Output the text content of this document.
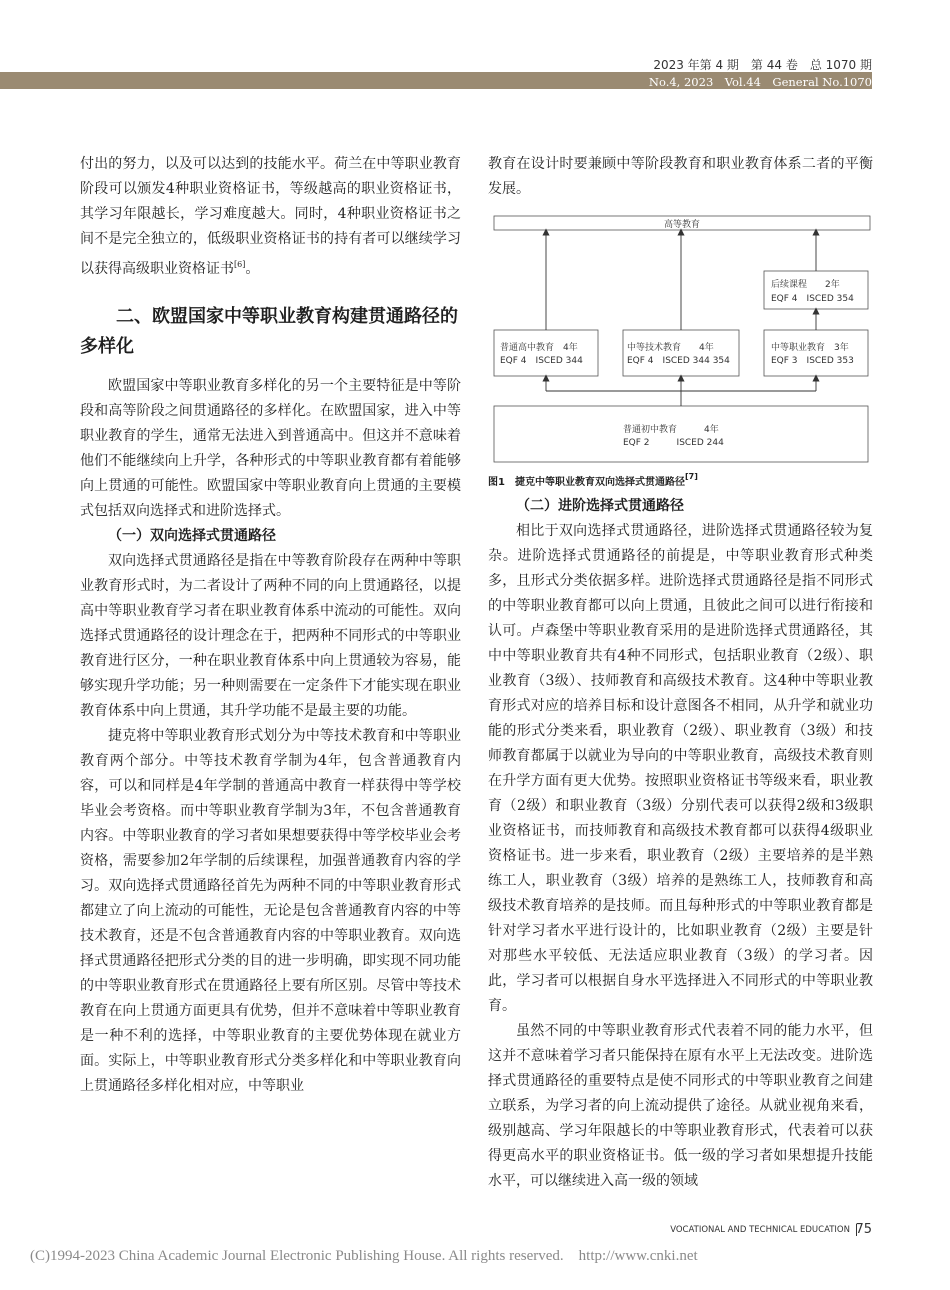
2023 年第 4 期　第 44 卷　总 1070 期
No.4, 2023　Vol.44　General No.1070

付出的努力，以及可以达到的技能水平。荷兰在中等职业教育阶段可以颁发4种职业资格证书，等级越高的职业资格证书，其学习年限越长，学习难度越大。同时，4种职业资格证书之间不是完全独立的，低级职业资格证书的持有者可以继续学习以获得高级职业资格证书[6]。

二、欧盟国家中等职业教育构建贯通路径的多样化

欧盟国家中等职业教育多样化的另一个主要特征是中等阶段和高等阶段之间贯通路径的多样化。在欧盟国家，进入中等职业教育的学生，通常无法进入到普通高中。但这并不意味着他们不能继续向上升学，各种形式的中等职业教育都有着能够向上贯通的可能性。欧盟国家中等职业教育向上贯通的主要模式包括双向选择式和进阶选择式。

（一）双向选择式贯通路径

双向选择式贯通路径是指在中等教育阶段存在两种中等职业教育形式时，为二者设计了两种不同的向上贯通路径，以提高中等职业教育学习者在职业教育体系中流动的可能性。双向选择式贯通路径的设计理念在于，把两种不同形式的中等职业教育进行区分，一种在职业教育体系中向上贯通较为容易，能够实现升学功能；另一种则需要在一定条件下才能实现在职业教育体系中向上贯通，其升学功能不是最主要的功能。

捷克将中等职业教育形式划分为中等技术教育和中等职业教育两个部分。中等技术教育学制为4年，包含普通教育内容，可以和同样是4年学制的普通高中教育一样获得中等学校毕业会考资格。而中等职业教育学制为3年，不包含普通教育内容。中等职业教育的学习者如果想要获得中等学校毕业会考资格，需要参加2年学制的后续课程，加强普通教育内容的学习。双向选择式贯通路径首先为两种不同的中等职业教育形式都建立了向上流动的可能性，无论是包含普通教育内容的中等技术教育，还是不包含普通教育内容的中等职业教育。双向选择式贯通路径把形式分类的目的进一步明确，即实现不同功能的中等职业教育形式在贯通路径上要有所区别。尽管中等技术教育在向上贯通方面更具有优势，但并不意味着中等职业教育是一种不利的选择，中等职业教育的主要优势体现在就业方面。实际上，中等职业教育形式分类多样化和中等职业教育向上贯通路径多样化相对应，中等职业

教育在设计时要兼顾中等阶段教育和职业教育体系二者的平衡发展。

高等教育
后续课程　　2年
EQF 4　ISCED 354
普通高中教育　4年
EQF 4　ISCED 344
中等技术教育　　4年
EQF 4　ISCED 344 354
中等职业教育　3年
EQF 3　ISCED 353
普通初中教育　　　4年
EQF 2　　　ISCED 244
图1　捷克中等职业教育双向选择式贯通路径[7]

（二）进阶选择式贯通路径

相比于双向选择式贯通路径，进阶选择式贯通路径较为复杂。进阶选择式贯通路径的前提是，中等职业教育形式种类多，且形式分类依据多样。进阶选择式贯通路径是指不同形式的中等职业教育都可以向上贯通，且彼此之间可以进行衔接和认可。卢森堡中等职业教育采用的是进阶选择式贯通路径，其中中等职业教育共有4种不同形式，包括职业教育（2级）、职业教育（3级）、技师教育和高级技术教育。这4种中等职业教育形式对应的培养目标和设计意图各不相同，从升学和就业功能的形式分类来看，职业教育（2级）、职业教育（3级）和技师教育都属于以就业为导向的中等职业教育，高级技术教育则在升学方面有更大优势。按照职业资格证书等级来看，职业教育（2级）和职业教育（3级）分别代表可以获得2级和3级职业资格证书，而技师教育和高级技术教育都可以获得4级职业资格证书。进一步来看，职业教育（2级）主要培养的是半熟练工人，职业教育（3级）培养的是熟练工人，技师教育和高级技术教育培养的是技师。而且每种形式的中等职业教育都是针对学习者水平进行设计的，比如职业教育（2级）主要是针对那些水平较低、无法适应职业教育（3级）的学习者。因此，学习者可以根据自身水平选择进入不同形式的中等职业教育。

虽然不同的中等职业教育形式代表着不同的能力水平，但这并不意味着学习者只能保持在原有水平上无法改变。进阶选择式贯通路径的重要特点是使不同形式的中等职业教育之间建立联系，为学习者的向上流动提供了途径。从就业视角来看，级别越高、学习年限越长的中等职业教育形式，代表着可以获得更高水平的职业资格证书。低一级的学习者如果想提升技能水平，可以继续进入高一级的领域

VOCATIONAL AND TECHNICAL EDUCATION 75
(C)1994-2023 China Academic Journal Electronic Publishing House. All rights reserved.　http://www.cnki.net
